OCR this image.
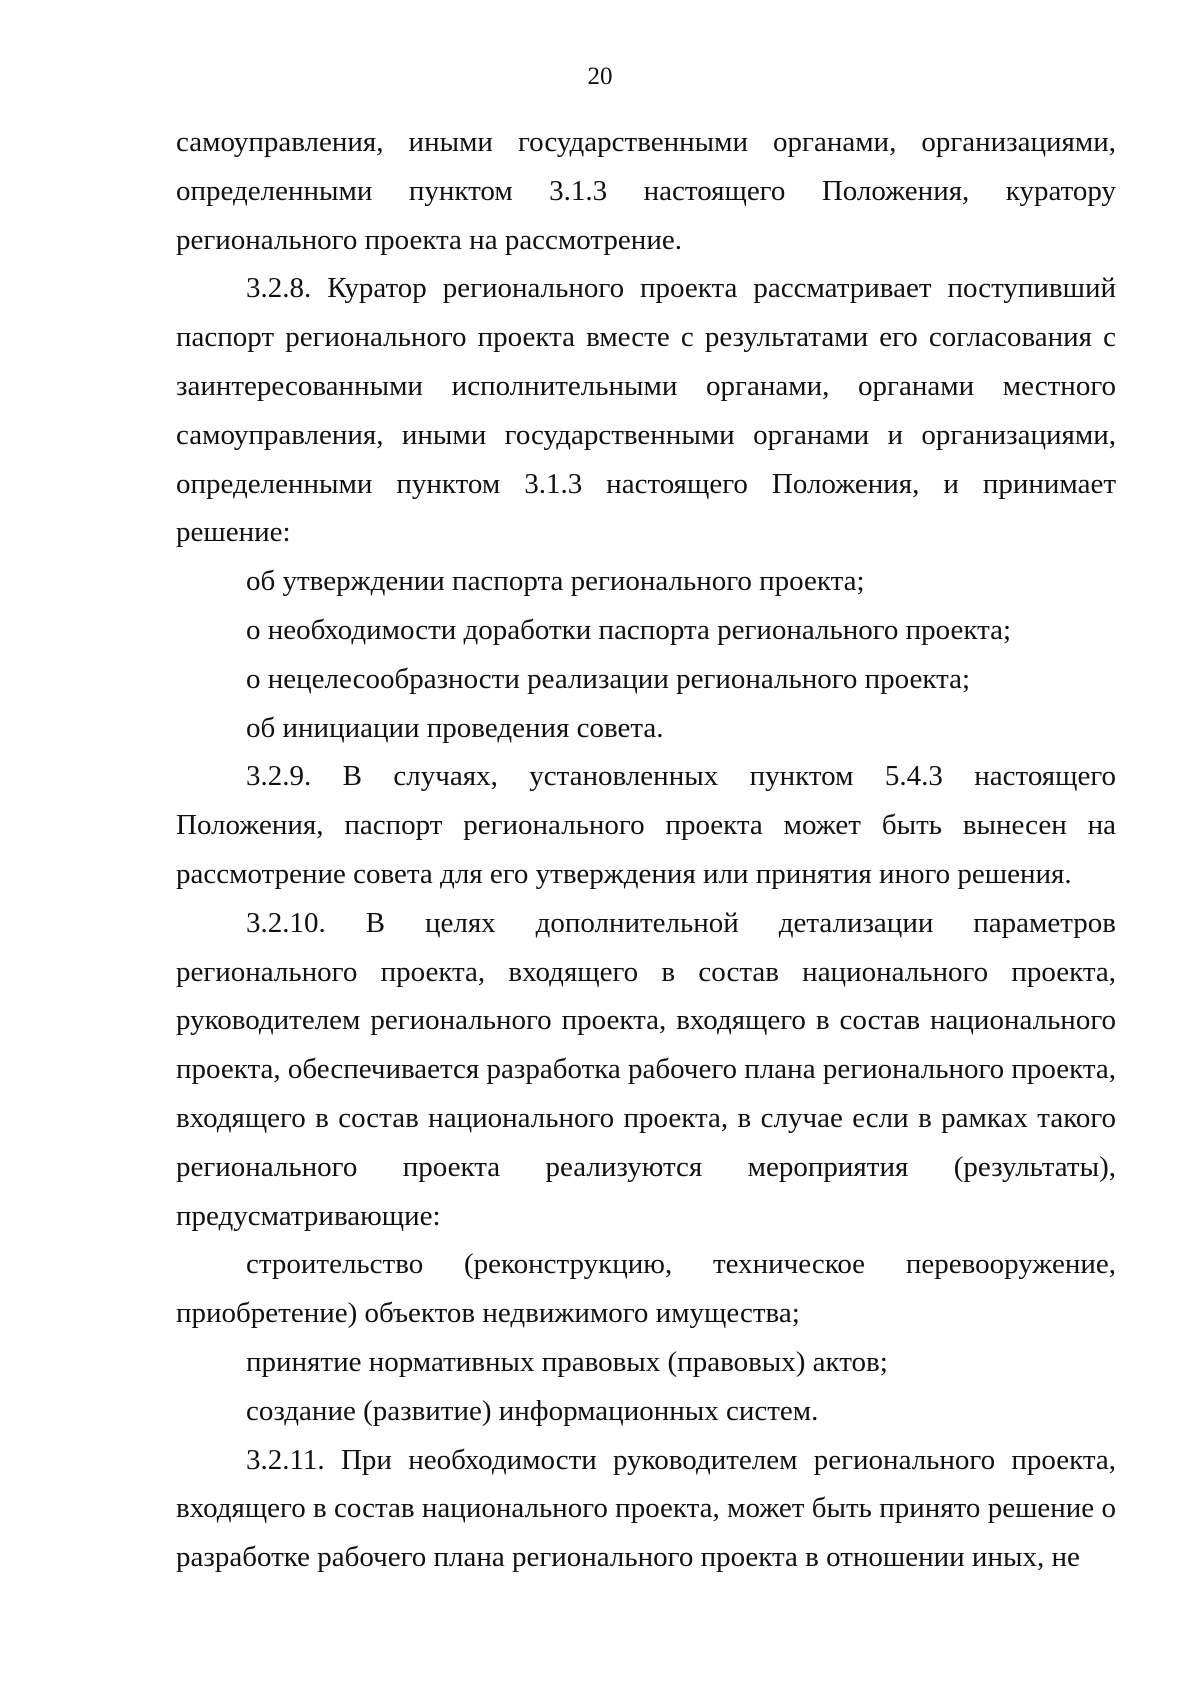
20

самоуправления, иными государственными органами, организациями, определенными пунктом 3.1.3 настоящего Положения, куратору регионального проекта на рассмотрение.

3.2.8. Куратор регионального проекта рассматривает поступивший паспорт регионального проекта вместе с результатами его согласования с заинтересованными исполнительными органами, органами местного самоуправления, иными государственными органами и организациями, определенными пунктом 3.1.3 настоящего Положения, и принимает решение:

об утверждении паспорта регионального проекта;

о необходимости доработки паспорта регионального проекта;

о нецелесообразности реализации регионального проекта;

об инициации проведения совета.

3.2.9. В случаях, установленных пунктом 5.4.3 настоящего Положения, паспорт регионального проекта может быть вынесен на рассмотрение совета для его утверждения или принятия иного решения.

3.2.10. В целях дополнительной детализации параметров регионального проекта, входящего в состав национального проекта, руководителем регионального проекта, входящего в состав национального проекта, обеспечивается разработка рабочего плана регионального проекта, входящего в состав национального проекта, в случае если в рамках такого регионального проекта реализуются мероприятия (результаты), предусматривающие:

строительство (реконструкцию, техническое перевооружение, приобретение) объектов недвижимого имущества;

принятие нормативных правовых (правовых) актов;

создание (развитие) информационных систем.

3.2.11. При необходимости руководителем регионального проекта, входящего в состав национального проекта, может быть принято решение о разработке рабочего плана регионального проекта в отношении иных, не
